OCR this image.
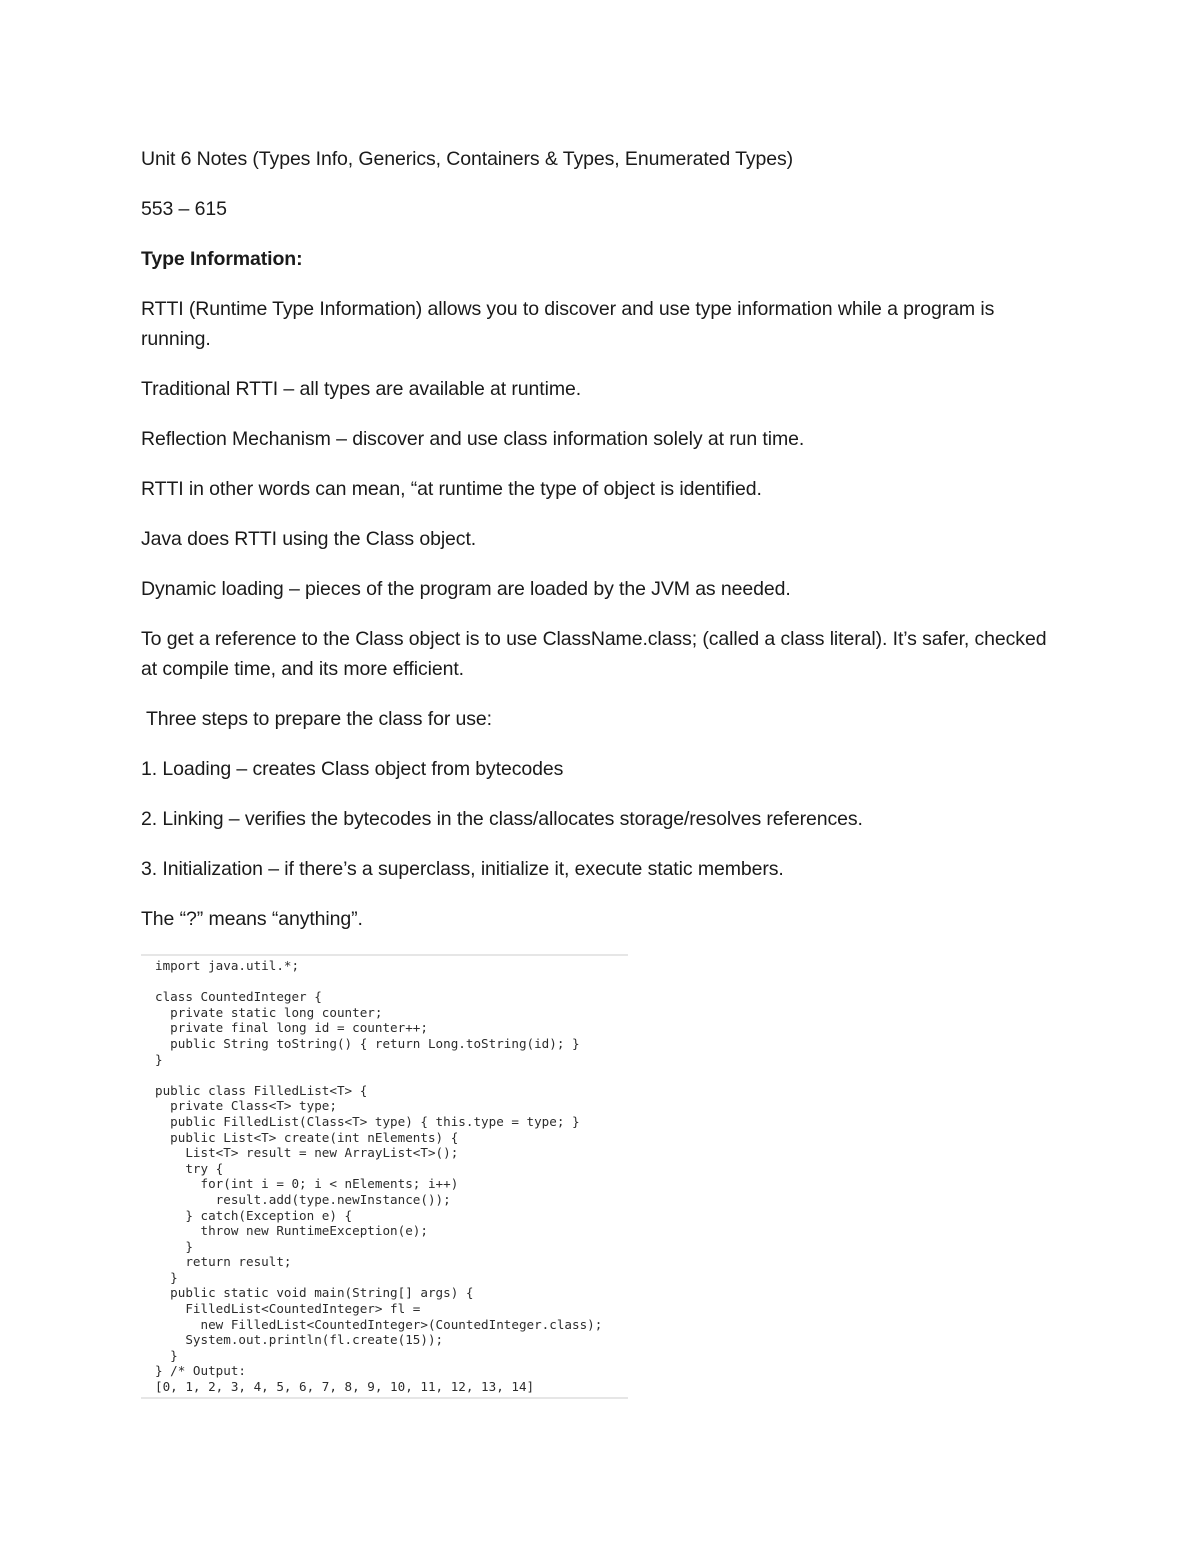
Unit 6 Notes (Types Info, Generics, Containers & Types, Enumerated Types)

553 – 615

Type Information:

RTTI (Runtime Type Information) allows you to discover and use type information while a program is running.

Traditional RTTI – all types are available at runtime.

Reflection Mechanism – discover and use class information solely at run time.

RTTI in other words can mean, “at runtime the type of object is identified.

Java does RTTI using the Class object.

Dynamic loading – pieces of the program are loaded by the JVM as needed.

To get a reference to the Class object is to use ClassName.class; (called a class literal). It’s safer, checked at compile time, and its more efficient.

Three steps to prepare the class for use:

1. Loading – creates Class object from bytecodes

2. Linking – verifies the bytecodes in the class/allocates storage/resolves references.

3. Initialization – if there’s a superclass, initialize it, execute static members.

The “?” means “anything”.

import java.util.*;
class CountedInteger {
private static long counter;
private final long id = counter++;
public String toString() { return Long.toString(id); }
}
public class FilledList<T> {
private Class<T> type;
public FilledList(Class<T> type) { this.type = type; }
public List<T> create(int nElements) {
List<T> result = new ArrayList<T>();
try {
for(int i = 0; i < nElements; i++)
result.add(type.newInstance());
} catch(Exception e) {
throw new RuntimeException(e);
}
return result;
}
public static void main(String[] args) {
FilledList<CountedInteger> fl =
new FilledList<CountedInteger>(CountedInteger.class);
System.out.println(fl.create(15));
}
} /* Output:
[0, 1, 2, 3, 4, 5, 6, 7, 8, 9, 10, 11, 12, 13, 14]
